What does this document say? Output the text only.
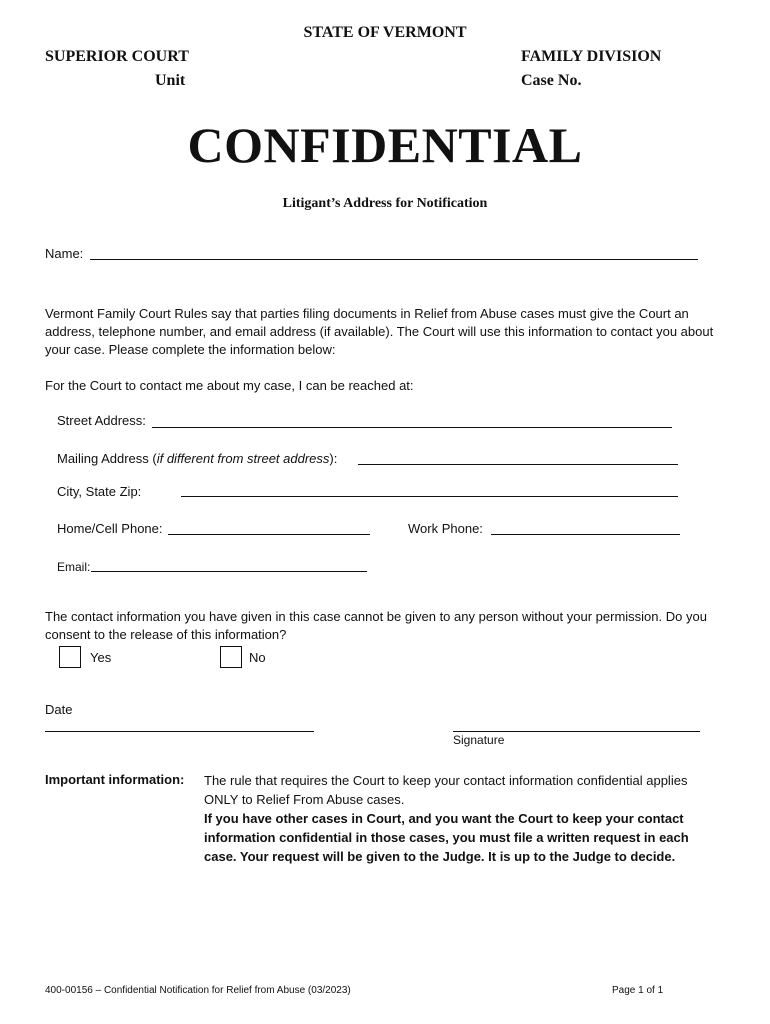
STATE OF VERMONT
SUPERIOR COURT
Unit
FAMILY DIVISION
Case No.
CONFIDENTIAL
Litigant’s Address for Notification
Name:
Vermont Family Court Rules say that parties filing documents in Relief from Abuse cases must give the Court an address, telephone number, and email address (if available). The Court will use this information to contact you about your case. Please complete the information below:
For the Court to contact me about my case, I can be reached at:
Street Address:
Mailing Address (if different from street address):
City, State Zip:
Home/Cell Phone:	Work Phone:
Email:
The contact information you have given in this case cannot be given to any person without your permission. Do you consent to the release of this information?
Yes	No
Date
Signature
Important information: The rule that requires the Court to keep your contact information confidential applies ONLY to Relief From Abuse cases.
If you have other cases in Court, and you want the Court to keep your contact information confidential in those cases, you must file a written request in each case. Your request will be given to the Judge. It is up to the Judge to decide.
400-00156 – Confidential Notification for Relief from Abuse (03/2023)	Page 1 of 1
